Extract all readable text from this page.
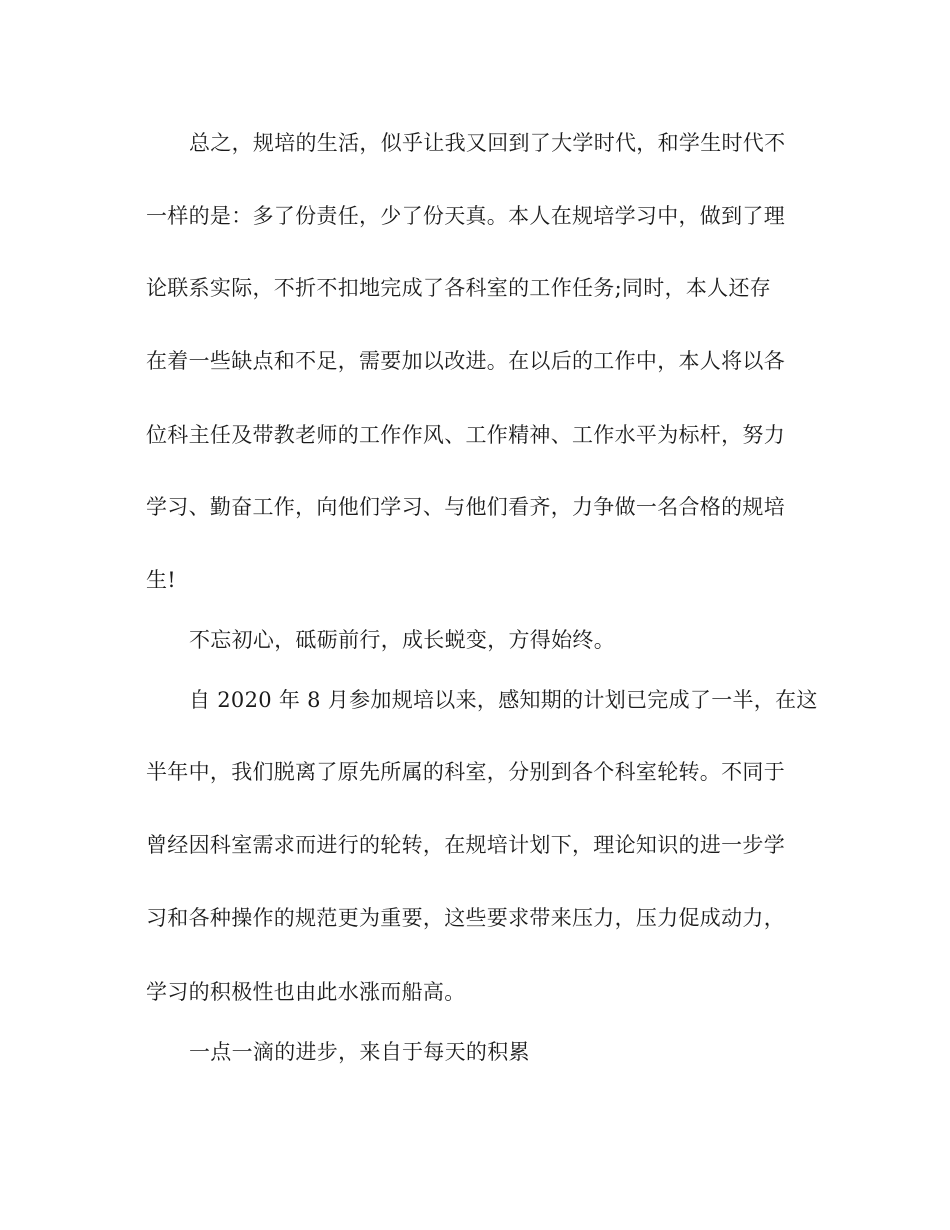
总之，规培的生活，似乎让我又回到了大学时代，和学生时代不
一样的是：多了份责任，少了份天真。本人在规培学习中，做到了理
论联系实际，不折不扣地完成了各科室的工作任务;同时，本人还存
在着一些缺点和不足，需要加以改进。在以后的工作中，本人将以各
位科主任及带教老师的工作作风、工作精神、工作水平为标杆，努力
学习、勤奋工作，向他们学习、与他们看齐，力争做一名合格的规培
生!
不忘初心，砥砺前行，成长蜕变，方得始终。
自 2020 年 8 月参加规培以来，感知期的计划已完成了一半，在这
半年中，我们脱离了原先所属的科室，分别到各个科室轮转。不同于
曾经因科室需求而进行的轮转，在规培计划下，理论知识的进一步学
习和各种操作的规范更为重要，这些要求带来压力，压力促成动力，
学习的积极性也由此水涨而船高。
一点一滴的进步，来自于每天的积累
